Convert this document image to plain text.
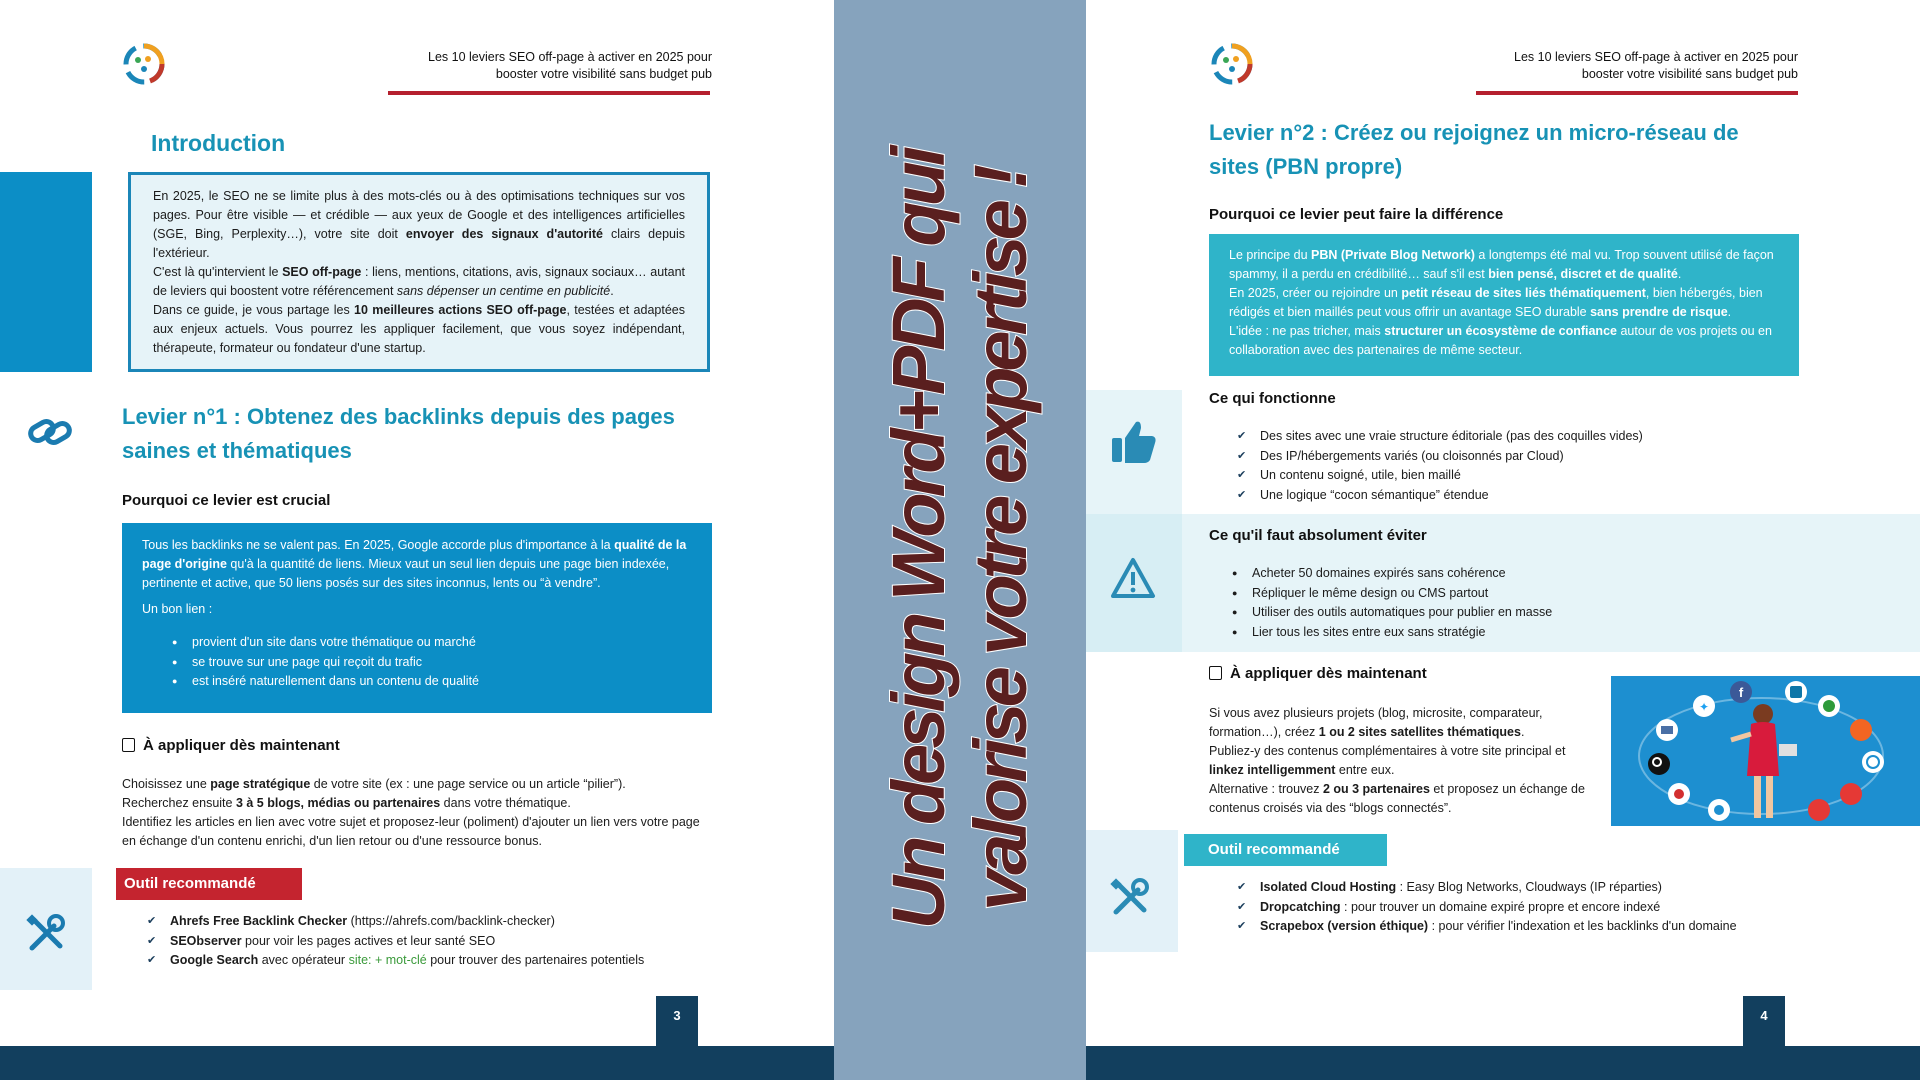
Les 10 leviers SEO off-page à activer en 2025 pour
booster votre visibilité sans budget pub
Introduction

En 2025, le SEO ne se limite plus à des mots-clés ou à des optimisations techniques sur vos pages. Pour être visible — et crédible — aux yeux de Google et des intelligences artificielles (SGE, Bing, Perplexity…), votre site doit envoyer des signaux d'autorité clairs depuis l'extérieur.

C'est là qu'intervient le SEO off-page : liens, mentions, citations, avis, signaux sociaux… autant de leviers qui boostent votre référencement sans dépenser un centime en publicité.

Dans ce guide, je vous partage les 10 meilleures actions SEO off-page, testées et adaptées aux enjeux actuels. Vous pourrez les appliquer facilement, que vous soyez indépendant, thérapeute, formateur ou fondateur d'une startup.

Levier n°1 : Obtenez des backlinks depuis des pages
saines et thématiques
Pourquoi ce levier est crucial

Tous les backlinks ne se valent pas. En 2025, Google accorde plus d'importance à la qualité de la page d'origine qu'à la quantité de liens. Mieux vaut un seul lien depuis une page bien indexée, pertinente et active, que 50 liens posés sur des sites inconnus, lents ou “à vendre”.

Un bon lien :

● provient d'un site dans votre thématique ou marché
● se trouve sur une page qui reçoit du trafic
● est inséré naturellement dans un contenu de qualité
À appliquer dès maintenant
Choisissez une page stratégique de votre site (ex : une page service ou un article “pilier”).
Recherchez ensuite 3 à 5 blogs, médias ou partenaires dans votre thématique.
Identifiez les articles en lien avec votre sujet et proposez-leur (poliment) d'ajouter un lien vers votre page en échange d'un contenu enrichi, d'un lien retour ou d'une ressource bonus.
Outil recommandé
✔ Ahrefs Free Backlink Checker (https://ahrefs.com/backlink-checker)
✔ SEObserver pour voir les pages actives et leur santé SEO
✔ Google Search avec opérateur site: + mot-clé pour trouver des partenaires potentiels
3
Un design Word+PDF qui valorise votre expertise !
Les 10 leviers SEO off-page à activer en 2025 pour
booster votre visibilité sans budget pub
Levier n°2 : Créez ou rejoignez un micro-réseau de
sites (PBN propre)
Pourquoi ce levier peut faire la différence
Le principe du PBN (Private Blog Network) a longtemps été mal vu. Trop souvent utilisé de façon spammy, il a perdu en crédibilité… sauf s'il est bien pensé, discret et de qualité.
En 2025, créer ou rejoindre un petit réseau de sites liés thématiquement, bien hébergés, bien rédigés et bien maillés peut vous offrir un avantage SEO durable sans prendre de risque.
L'idée : ne pas tricher, mais structurer un écosystème de confiance autour de vos projets ou en collaboration avec des partenaires de même secteur.
Ce qui fonctionne
✔ Des sites avec une vraie structure éditoriale (pas des coquilles vides)
✔ Des IP/hébergements variés (ou cloisonnés par Cloud)
✔ Un contenu soigné, utile, bien maillé
✔ Une logique “cocon sémantique” étendue
Ce qu'il faut absolument éviter
● Acheter 50 domaines expirés sans cohérence
● Répliquer le même design ou CMS partout
● Utiliser des outils automatiques pour publier en masse
● Lier tous les sites entre eux sans stratégie
À appliquer dès maintenant
Si vous avez plusieurs projets (blog, microsite, comparateur, formation…), créez 1 ou 2 sites satellites thématiques.
Publiez-y des contenus complémentaires à votre site principal et linkez intelligemment entre eux.
Alternative : trouvez 2 ou 3 partenaires et proposez un échange de contenus croisés via des “blogs connectés”.
✦
f
Outil recommandé
✔ Isolated Cloud Hosting : Easy Blog Networks, Cloudways (IP réparties)
✔ Dropcatching : pour trouver un domaine expiré propre et encore indexé
✔ Scrapebox (version éthique) : pour vérifier l'indexation et les backlinks d'un domaine
4
